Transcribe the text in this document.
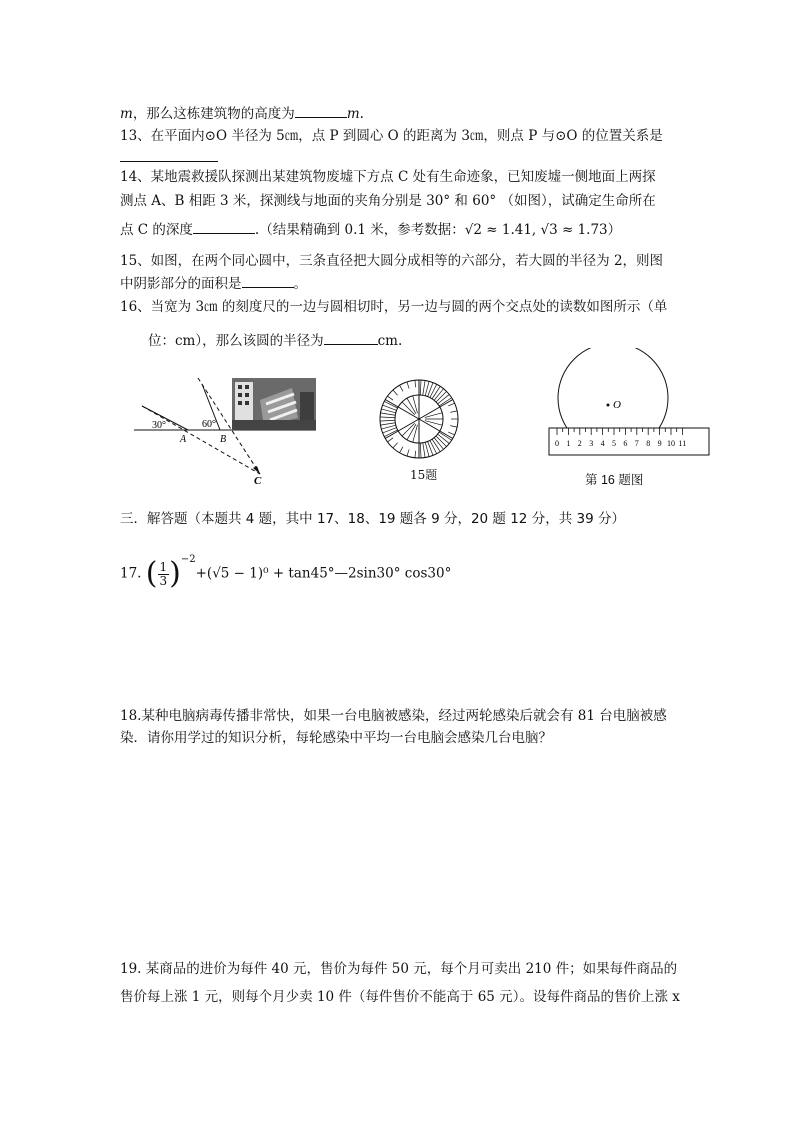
m，那么这栋建筑物的高度为	m.
13、在平面内⊙O 半径为 5㎝，点 P 到圆心 O 的距离为 3㎝，则点 P 与⊙O 的位置关系是
14、某地震救援队探测出某建筑物废墟下方点 C 处有生命迹象，已知废墟一侧地面上两探
测点 A、B 相距 3 米，探测线与地面的夹角分别是 30° 和 60° （如图），试确定生命所在
点 C 的深度	.（结果精确到 0.1 米，参考数据：√2 ≈ 1.41, √3 ≈ 1.73）
15、如图，在两个同心圆中，三条直径把大圆分成相等的六部分，若大圆的半径为 2，则图
中阴影部分的面积是	。
16、当宽为 3㎝ 的刻度尺的一边与圆相切时，另一边与圆的两个交点处的读数如图所示（单
位：cm），那么该圆的半径为	cm.
30°	60°
A	B
C	15题
O
0 1 2 3 4 5 6 7 8 9 10 11
第 16 题图
三．解答题（本题共 4 题，其中 17、18、19 题各 9 分，20 题 12 分，共 39 分）
17. ( $\frac{1}{3} )^{-2}+(√5 - 1)^0$ + tan45°—2sin30° cos30°
18.某种电脑病毒传播非常快，如果一台电脑被感染，经过两轮感染后就会有 81 台电脑被感
染．请你用学过的知识分析，每轮感染中平均一台电脑会感染几台电脑？
19. 某商品的进价为每件 40 元，售价为每件 50 元，每个月可卖出 210 件；如果每件商品的
售价每上涨 1 元，则每个月少卖 10 件（每件售价不能高于 65 元）。设每件商品的售价上涨 x
